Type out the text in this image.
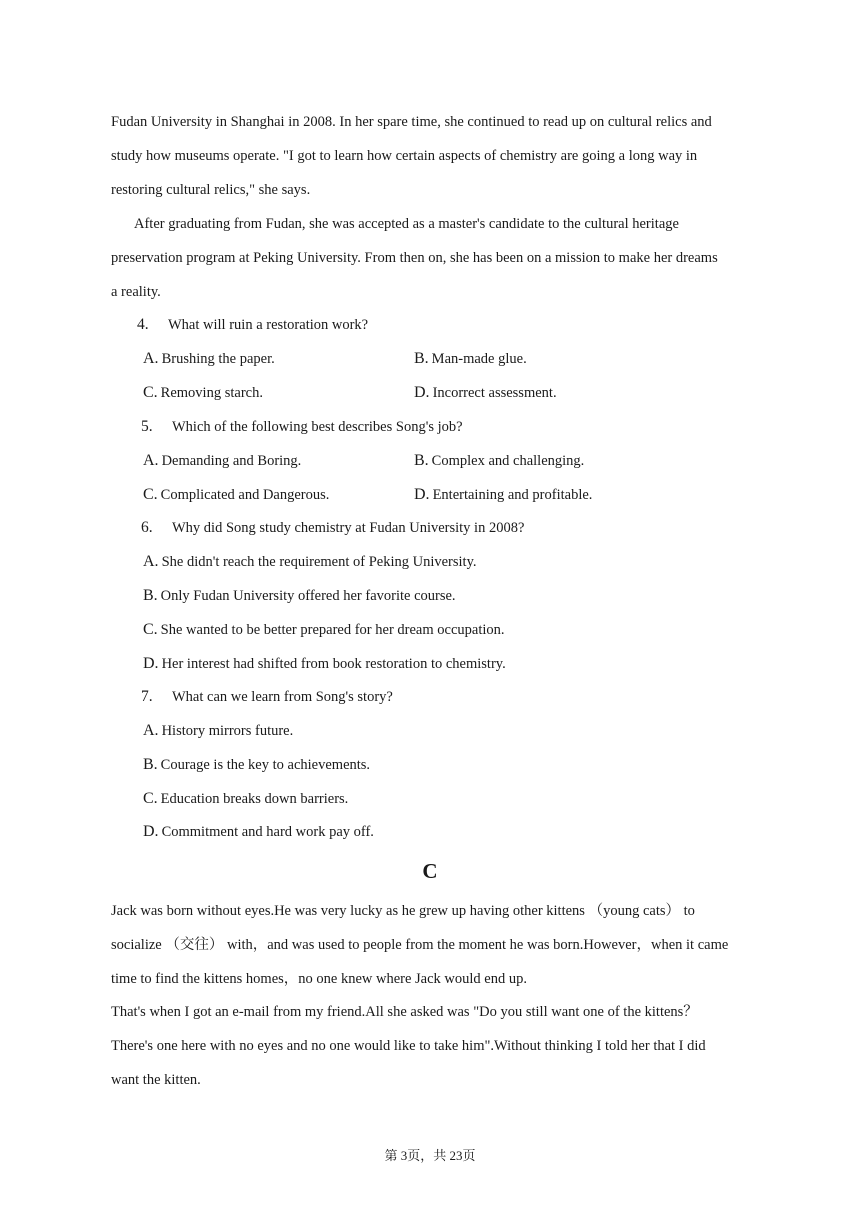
Fudan University in Shanghai in 2008. In her spare time, she continued to read up on cultural relics and
study how museums operate. "I got to learn how certain aspects of chemistry are going a long way in
restoring cultural relics," she says.
After graduating from Fudan, she was accepted as a master's candidate to the cultural heritage
preservation program at Peking University. From then on, she has been on a mission to make her dreams
a reality.
4. What will ruin a restoration work?
A. Brushing the paper.	B. Man-made glue.
C. Removing starch.	D. Incorrect assessment.
5. Which of the following best describes Song's job?
A. Demanding and Boring.	B. Complex and challenging.
C. Complicated and Dangerous.	D. Entertaining and profitable.
6. Why did Song study chemistry at Fudan University in 2008?
A. She didn't reach the requirement of Peking University.
B. Only Fudan University offered her favorite course.
C. She wanted to be better prepared for her dream occupation.
D. Her interest had shifted from book restoration to chemistry.
7. What can we learn from Song's story?
A. History mirrors future.
B. Courage is the key to achievements.
C. Education breaks down barriers.
D. Commitment and hard work pay off.
C
Jack was born without eyes.He was very lucky as he grew up having other kittens （young cats） to
socialize （交往） with，and was used to people from the moment he was born.However，when it came
time to find the kittens homes，no one knew where Jack would end up.
That's when I got an e-mail from my friend.All she asked was "Do you still want one of the kittens？
There's one here with no eyes and no one would like to take him".Without thinking I told her that I did
want the kitten.
第 3页，共 23页
